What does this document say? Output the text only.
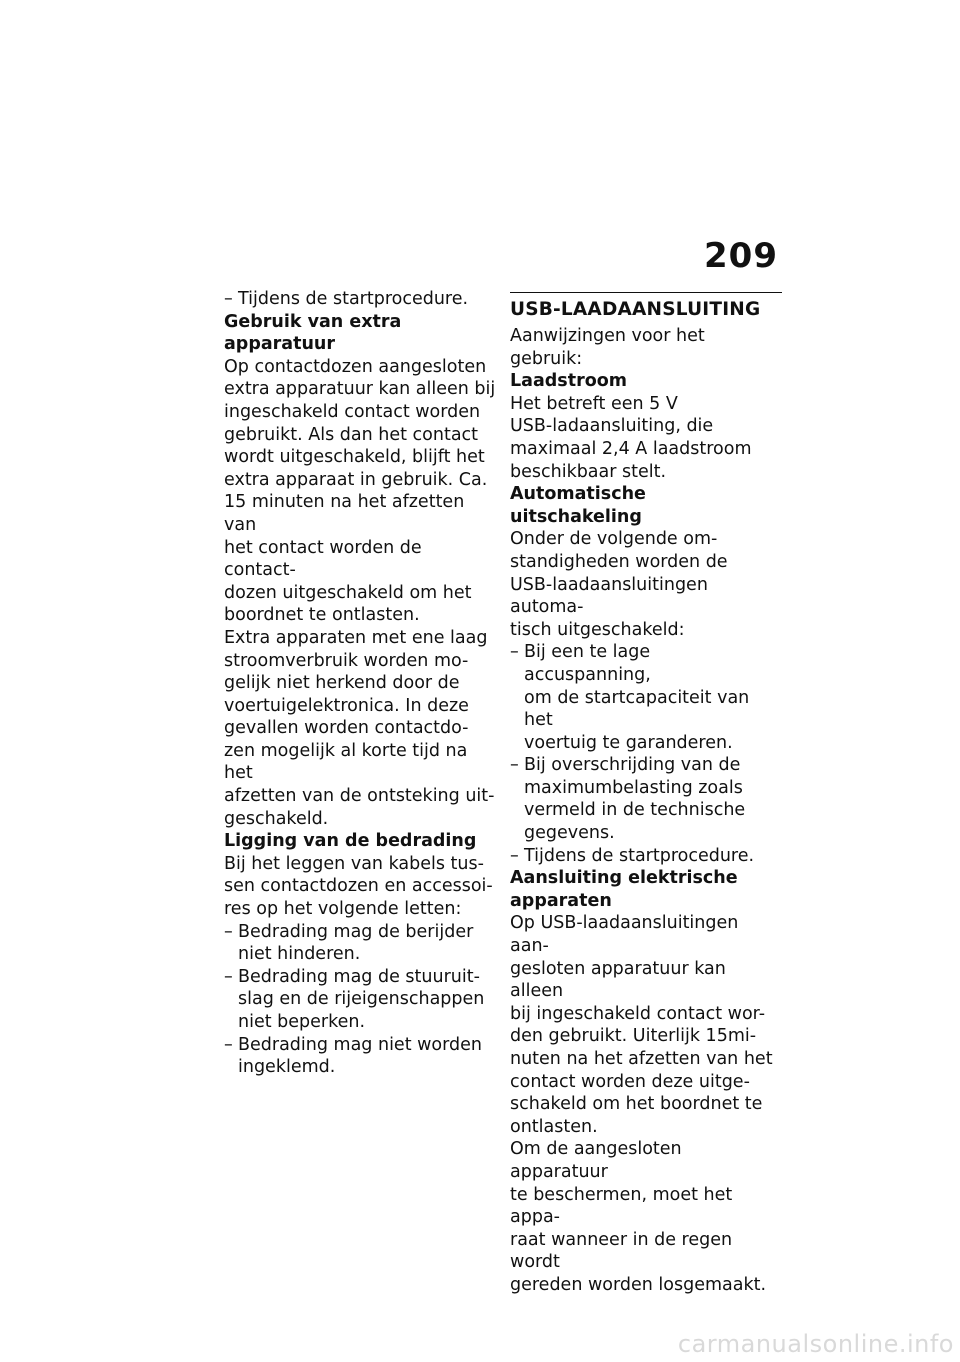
209

– Tijdens de startprocedure.

Gebruik van extra apparatuur

Op contactdozen aangesloten
extra apparatuur kan alleen bij
ingeschakeld contact worden
gebruikt. Als dan het contact
wordt uitgeschakeld, blijft het
extra apparaat in gebruik. Ca.
15 minuten na het afzetten van
het contact worden de contact-
dozen uitgeschakeld om het
boordnet te ontlasten.
Extra apparaten met ene laag
stroomverbruik worden mo-
gelijk niet herkend door de
voertuigelektronica. In deze
gevallen worden contactdo-
zen mogelijk al korte tijd na het
afzetten van de ontsteking uit-
geschakeld.

Ligging van de bedrading

Bij het leggen van kabels tus-
sen contactdozen en accessoi-
res op het volgende letten:
– Bedrading mag de berijder
niet hinderen.
– Bedrading mag de stuuruit-
slag en de rijeigenschappen
niet beperken.
– Bedrading mag niet worden
ingeklemd.
USB-LAADAANSLUITING

Aanwijzingen voor het gebruik:

Laadstroom

Het betreft een 5 V
USB-ladaansluiting, die
maximaal 2,4 A laadstroom
beschikbaar stelt.

Automatische uitschakeling

Onder de volgende om-
standigheden worden de
USB-laadaansluitingen automa-
tisch uitgeschakeld:
– Bij een te lage accuspanning,
om de startcapaciteit van het
voertuig te garanderen.
– Bij overschrijding van de
maximumbelasting zoals
vermeld in de technische
gegevens.
– Tijdens de startprocedure.
Aansluiting elektrische
apparaten
Op USB-laadaansluitingen aan-
gesloten apparatuur kan alleen
bij ingeschakeld contact wor-
den gebruikt. Uiterlijk 15mi-
nuten na het afzetten van het
contact worden deze uitge-
schakeld om het boordnet te
ontlasten.
Om de aangesloten apparatuur
te beschermen, moet het appa-
raat wanneer in de regen wordt
gereden worden losgemaakt.
carmanualsonline.info
